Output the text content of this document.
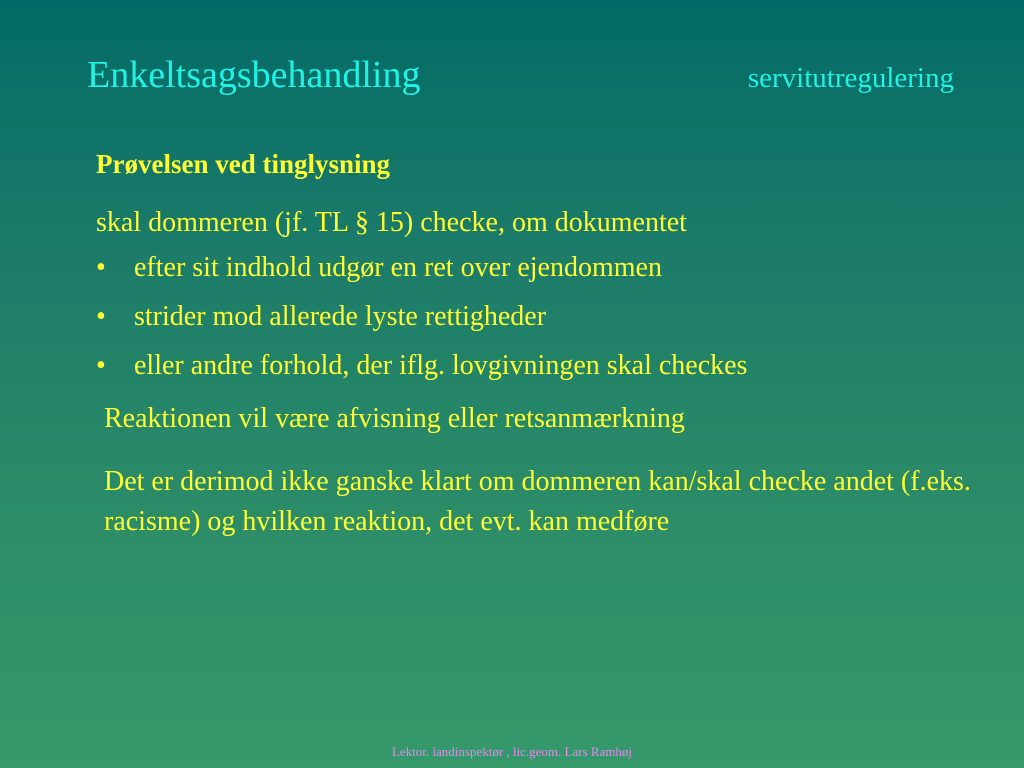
Enkeltsagsbehandling	servitutregulering
Prøvelsen ved tinglysning
skal dommeren (jf. TL § 15) checke, om dokumentet
• efter sit indhold udgør en ret over ejendommen
• strider mod allerede lyste rettigheder
• eller andre forhold, der iflg. lovgivningen skal checkes
Reaktionen vil være afvisning eller retsanmærkning
Det er derimod ikke ganske klart om dommeren kan/skal checke andet (f.eks. racisme) og hvilken reaktion, det evt. kan medføre
Lektor. landinspektør , lic.geom. Lars Ramhøj
